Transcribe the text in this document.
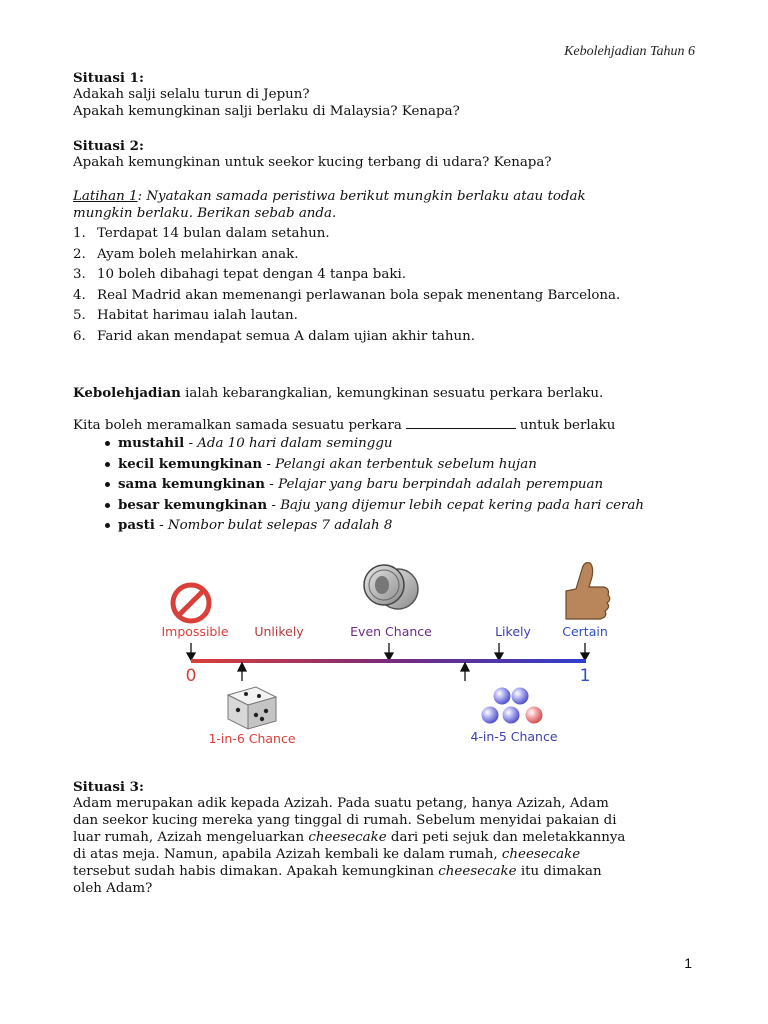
Kebolehjadian Tahun 6
Situasi 1:
Adakah salji selalu turun di Jepun?
Apakah kemungkinan salji berlaku di Malaysia? Kenapa?
Situasi 2:
Apakah kemungkinan untuk seekor kucing terbang di udara? Kenapa?
Latihan 1: Nyatakan samada peristiwa berikut mungkin berlaku atau todak
mungkin berlaku. Berikan sebab anda.
1. Terdapat 14 bulan dalam setahun.
2. Ayam boleh melahirkan anak.
3. 10 boleh dibahagi tepat dengan 4 tanpa baki.
4. Real Madrid akan memenangi perlawanan bola sepak menentang Barcelona.
5. Habitat harimau ialah lautan.
6. Farid akan mendapat semua A dalam ujian akhir tahun.
Kebolehjadian ialah kebarangkalian, kemungkinan sesuatu perkara berlaku.
Kita boleh meramalkan samada sesuatu perkara	untuk berlaku
mustahil - Ada 10 hari dalam seminggu
kecil kemungkinan - Pelangi akan terbentuk sebelum hujan
sama kemungkinan - Pelajar yang baru berpindah adalah perempuan
besar kemungkinan - Baju yang dijemur lebih cepat kering pada hari cerah
pasti - Nombor bulat selepas 7 adalah 8
Impossible Unlikely	Even Chance	Likely	Certain
0	1
1-in-6 Chance	4-in-5 Chance
Situasi 3:
Adam merupakan adik kepada Azizah. Pada suatu petang, hanya Azizah, Adam
dan seekor kucing mereka yang tinggal di rumah. Sebelum menyidai pakaian di
luar rumah, Azizah mengeluarkan cheesecake dari peti sejuk dan meletakkannya
di atas meja. Namun, apabila Azizah kembali ke dalam rumah, cheesecake
tersebut sudah habis dimakan. Apakah kemungkinan cheesecake itu dimakan
oleh Adam?
1
